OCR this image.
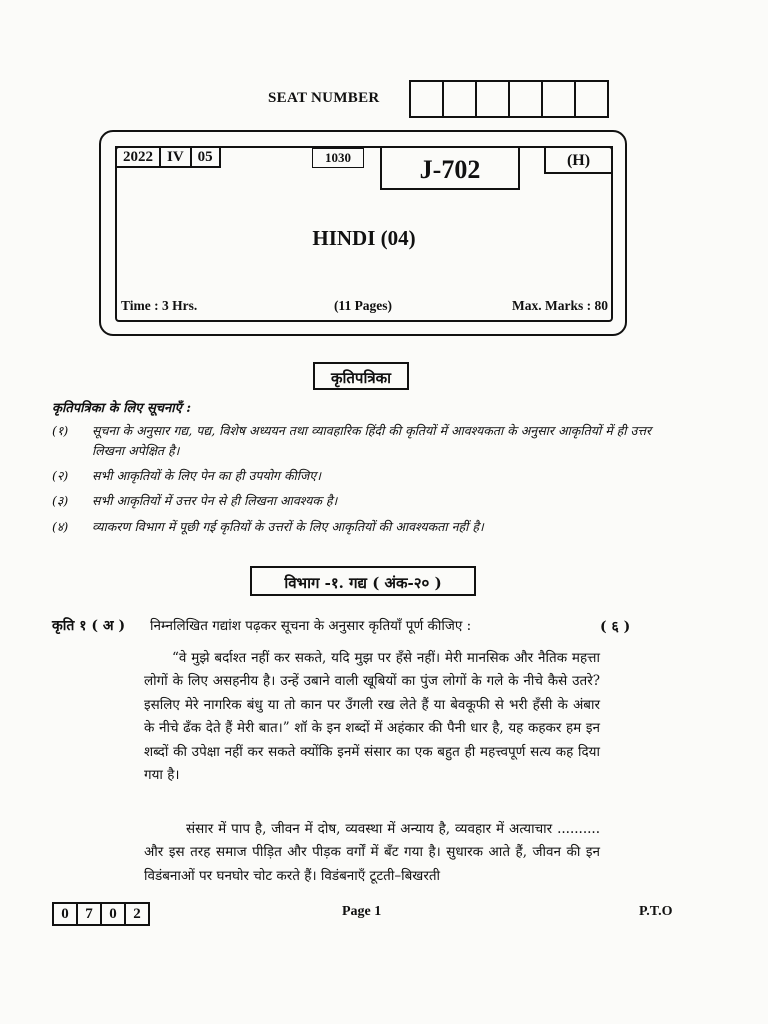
SEAT NUMBER
2022 IV 05	1030	J-702	(H)
HINDI (04)
Time : 3 Hrs.	(11 Pages)	Max. Marks : 80
कृतिपत्रिका
कृतिपत्रिका के लिए सूचनाएँ :
(१)	सूचना के अनुसार गद्य, पद्य, विशेष अध्ययन तथा व्यावहारिक हिंदी की कृतियों में आवश्यकता के अनुसार आकृतियों में ही उत्तर लिखना अपेक्षित है।
(२)	सभी आकृतियों के लिए पेन का ही उपयोग कीजिए।
(३)	सभी आकृतियों में उत्तर पेन से ही लिखना आवश्यक है।
(४)	व्याकरण विभाग में पूछी गई कृतियों के उत्तरों के लिए आकृतियों की आवश्यकता नहीं है।
विभाग -१. गद्य ( अंक-२० )
कृति १ ( अ ) निम्नलिखित गद्यांश पढ़कर सूचना के अनुसार कृतियाँ पूर्ण कीजिए :	( ६ )
“वे मुझे बर्दाश्त नहीं कर सकते, यदि मुझ पर हँसे नहीं। मेरी मानसिक और नैतिक महत्ता लोगों के लिए असहनीय है। उन्हें उबाने वाली खूबियों का पुंज लोगों के गले के नीचे कैसे उतरे? इसलिए मेरे नागरिक बंधु या तो कान पर उँगली रख लेते हैं या बेवकूफी से भरी हँसी के अंबार के नीचे ढँक देते हैं मेरी बात।” शॉ के इन शब्दों में अहंकार की पैनी धार है, यह कहकर हम इन शब्दों की उपेक्षा नहीं कर सकते क्योंकि इनमें संसार का एक बहुत ही महत्त्वपूर्ण सत्य कह दिया गया है।
संसार में पाप है, जीवन में दोष, व्यवस्था में अन्याय है, व्यवहार में अत्याचार .......... और इस तरह समाज पीड़ित और पीड़क वर्गों में बँट गया है। सुधारक आते हैं, जीवन की इन विडंबनाओं पर घनघोर चोट करते हैं। विडंबनाएँ टूटती–बिखरती
0	7	0	2	Page 1	P.T.O
